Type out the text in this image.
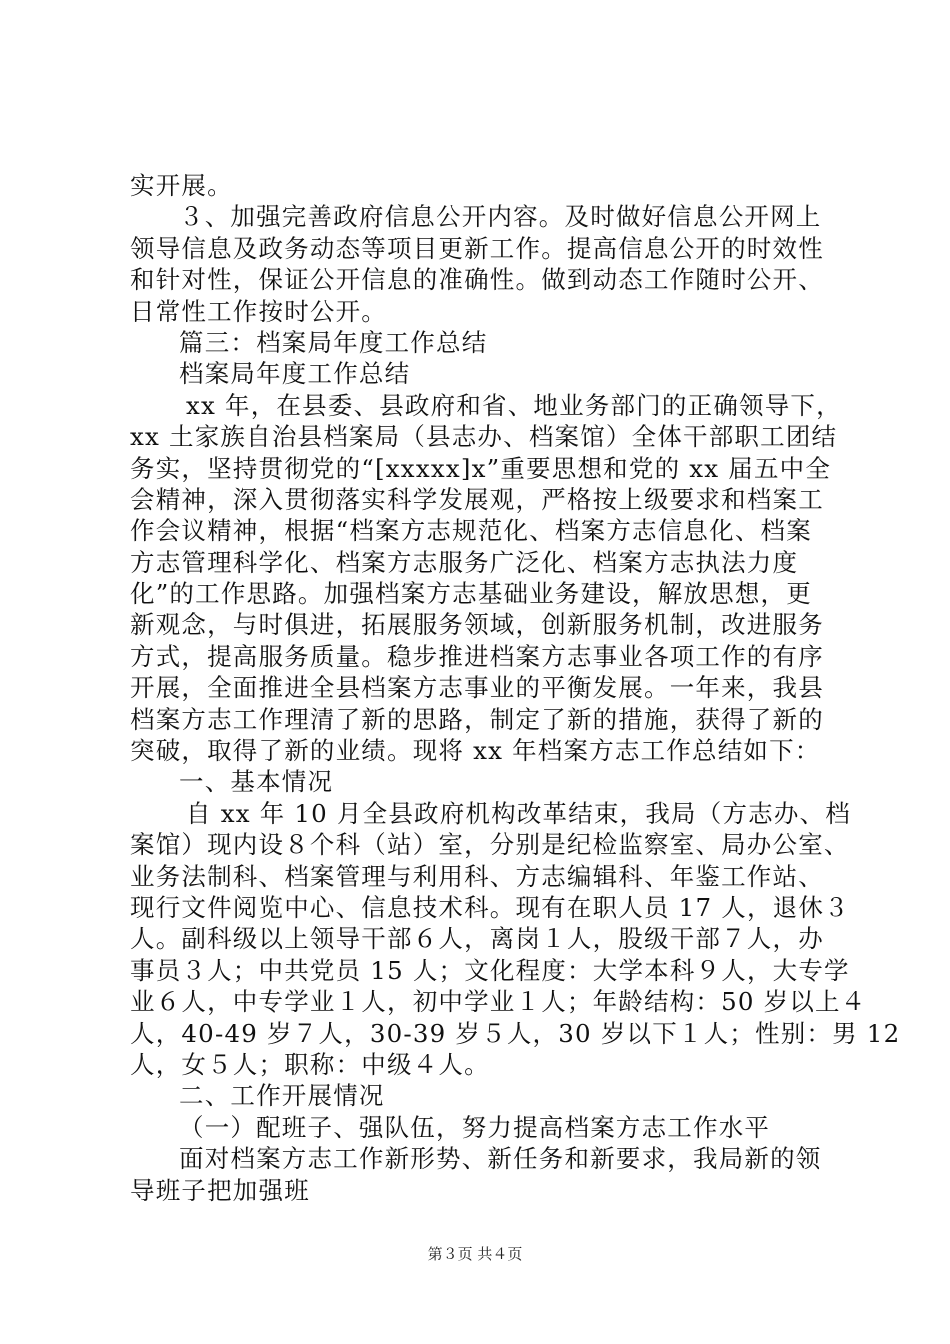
实开展。
３、加强完善政府信息公开内容。及时做好信息公开网上
领导信息及政务动态等项目更新工作。提高信息公开的时效性
和针对性，保证公开信息的准确性。做到动态工作随时公开、
日常性工作按时公开。
篇三：档案局年度工作总结
档案局年度工作总结
xx 年，在县委、县政府和省、地业务部门的正确领导下，
xx 土家族自治县档案局（县志办、档案馆）全体干部职工团结
务实，坚持贯彻党的“[xxxxx]x”重要思想和党的 xx 届五中全
会精神，深入贯彻落实科学发展观，严格按上级要求和档案工
作会议精神，根据“档案方志规范化、档案方志信息化、档案
方志管理科学化、档案方志服务广泛化、档案方志执法力度
化”的工作思路。加强档案方志基础业务建设，解放思想，更
新观念，与时俱进，拓展服务领域，创新服务机制，改进服务
方式，提高服务质量。稳步推进档案方志事业各项工作的有序
开展，全面推进全县档案方志事业的平衡发展。一年来，我县
档案方志工作理清了新的思路，制定了新的措施，获得了新的
突破，取得了新的业绩。现将 xx 年档案方志工作总结如下：
一、基本情况
自 xx 年 10 月全县政府机构改革结束，我局（方志办、档
案馆）现内设８个科（站）室，分别是纪检监察室、局办公室、
业务法制科、档案管理与利用科、方志编辑科、年鉴工作站、
现行文件阅览中心、信息技术科。现有在职人员 17 人，退休３
人。副科级以上领导干部６人，离岗１人，股级干部７人，办
事员３人；中共党员 15 人；文化程度：大学本科９人，大专学
业６人，中专学业１人，初中学业１人；年龄结构：50 岁以上４
人，40-49 岁７人，30-39 岁５人，30 岁以下１人；性别：男 12
人，女５人；职称：中级４人。
二、工作开展情况
（一）配班子、强队伍，努力提高档案方志工作水平
面对档案方志工作新形势、新任务和新要求，我局新的领
导班子把加强班
第３页 共４页
